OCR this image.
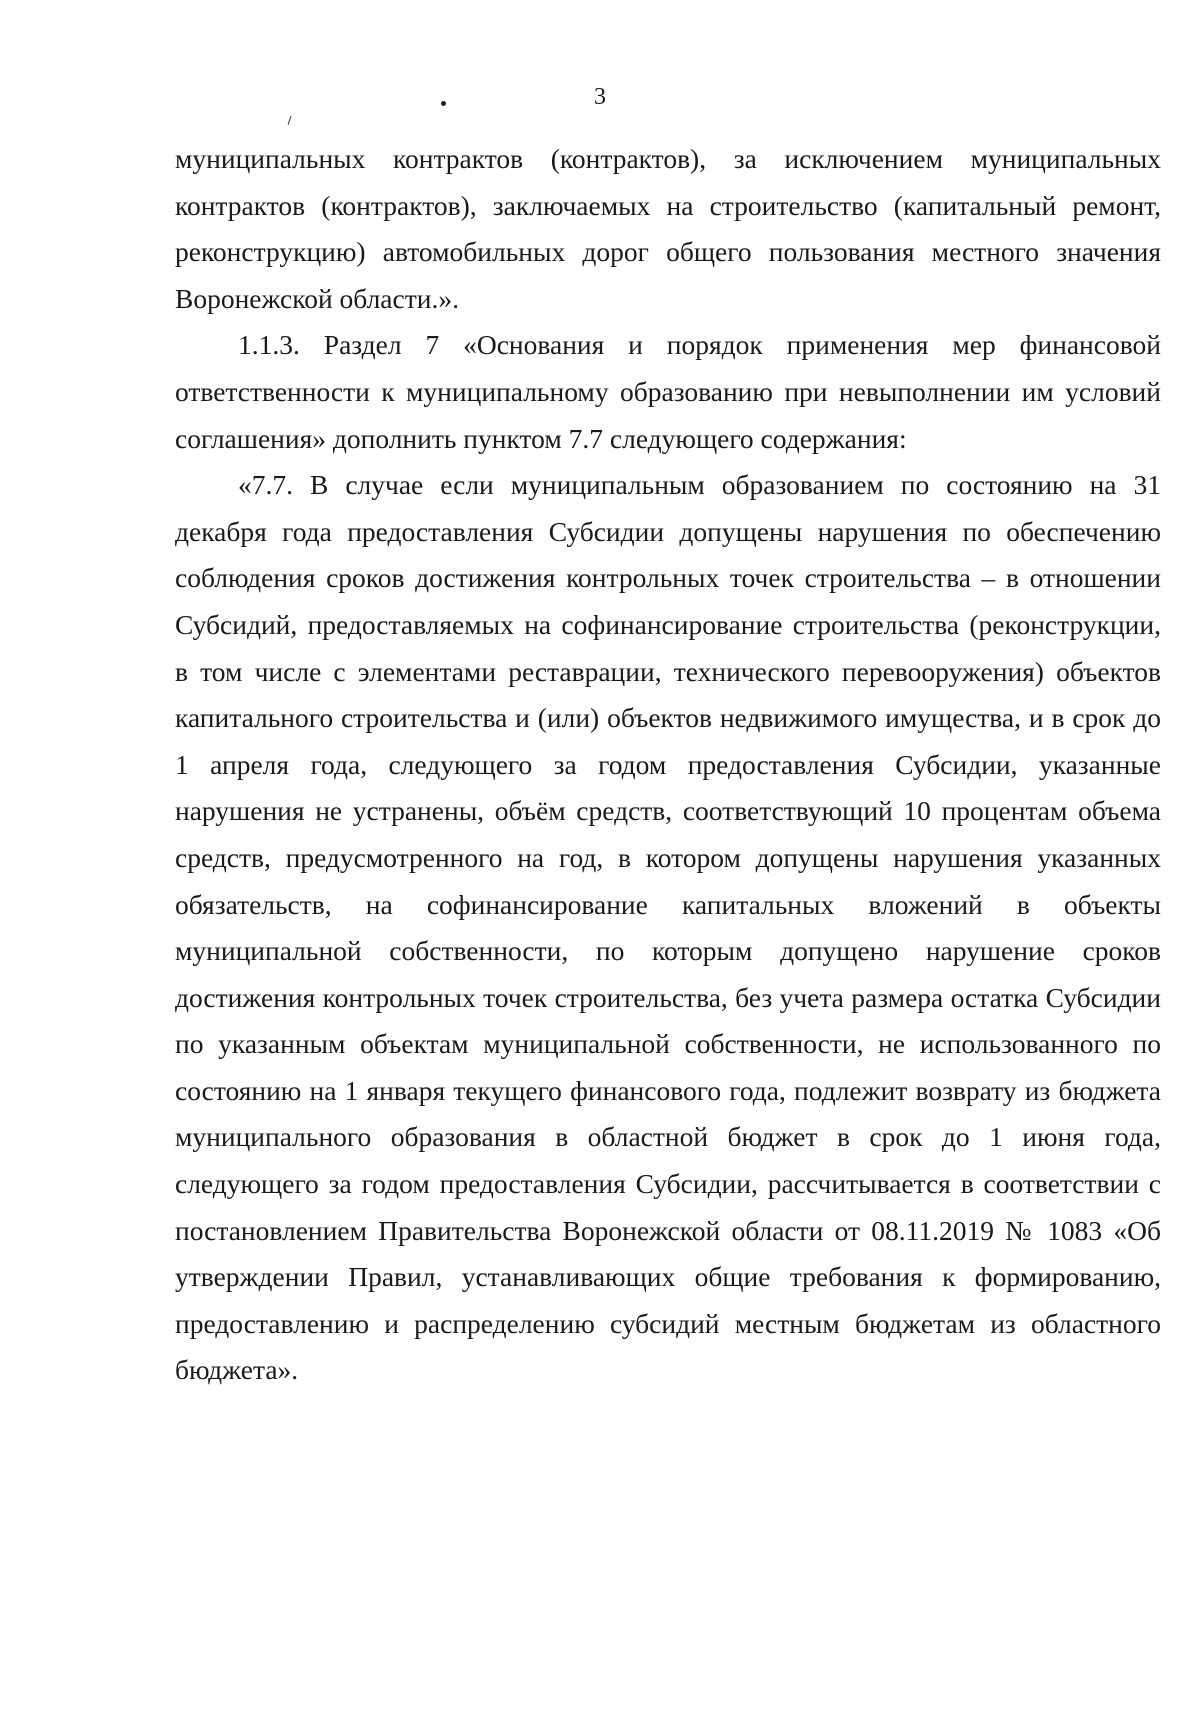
3

муниципальных контрактов (контрактов), за исключением муниципальных контрактов (контрактов), заключаемых на строительство (капитальный ремонт, реконструкцию) автомобильных дорог общего пользования местного значения Воронежской области.».

1.1.3. Раздел 7 «Основания и порядок применения мер финансовой ответственности к муниципальному образованию при невыполнении им условий соглашения» дополнить пунктом 7.7 следующего содержания:

«7.7. В случае если муниципальным образованием по состоянию на 31 декабря года предоставления Субсидии допущены нарушения по обеспечению соблюдения сроков достижения контрольных точек строительства – в отношении Субсидий, предоставляемых на софинансирование строительства (реконструкции, в том числе с элементами реставрации, технического перевооружения) объектов капитального строительства и (или) объектов недвижимого имущества, и в срок до 1 апреля года, следующего за годом предоставления Субсидии, указанные нарушения не устранены, объём средств, соответствующий 10 процентам объема средств, предусмотренного на год, в котором допущены нарушения указанных обязательств, на софинансирование капитальных вложений в объекты муниципальной собственности, по которым допущено нарушение сроков достижения контрольных точек строительства, без учета размера остатка Субсидии по указанным объектам муниципальной собственности, не использованного по состоянию на 1 января текущего финансового года, подлежит возврату из бюджета муниципального образования в областной бюджет в срок до 1 июня года, следующего за годом предоставления Субсидии, рассчитывается в соответствии с постановлением Правительства Воронежской области от 08.11.2019 № 1083 «Об утверждении Правил, устанавливающих общие требования к формированию, предоставлению и распределению субсидий местным бюджетам из областного бюджета».
